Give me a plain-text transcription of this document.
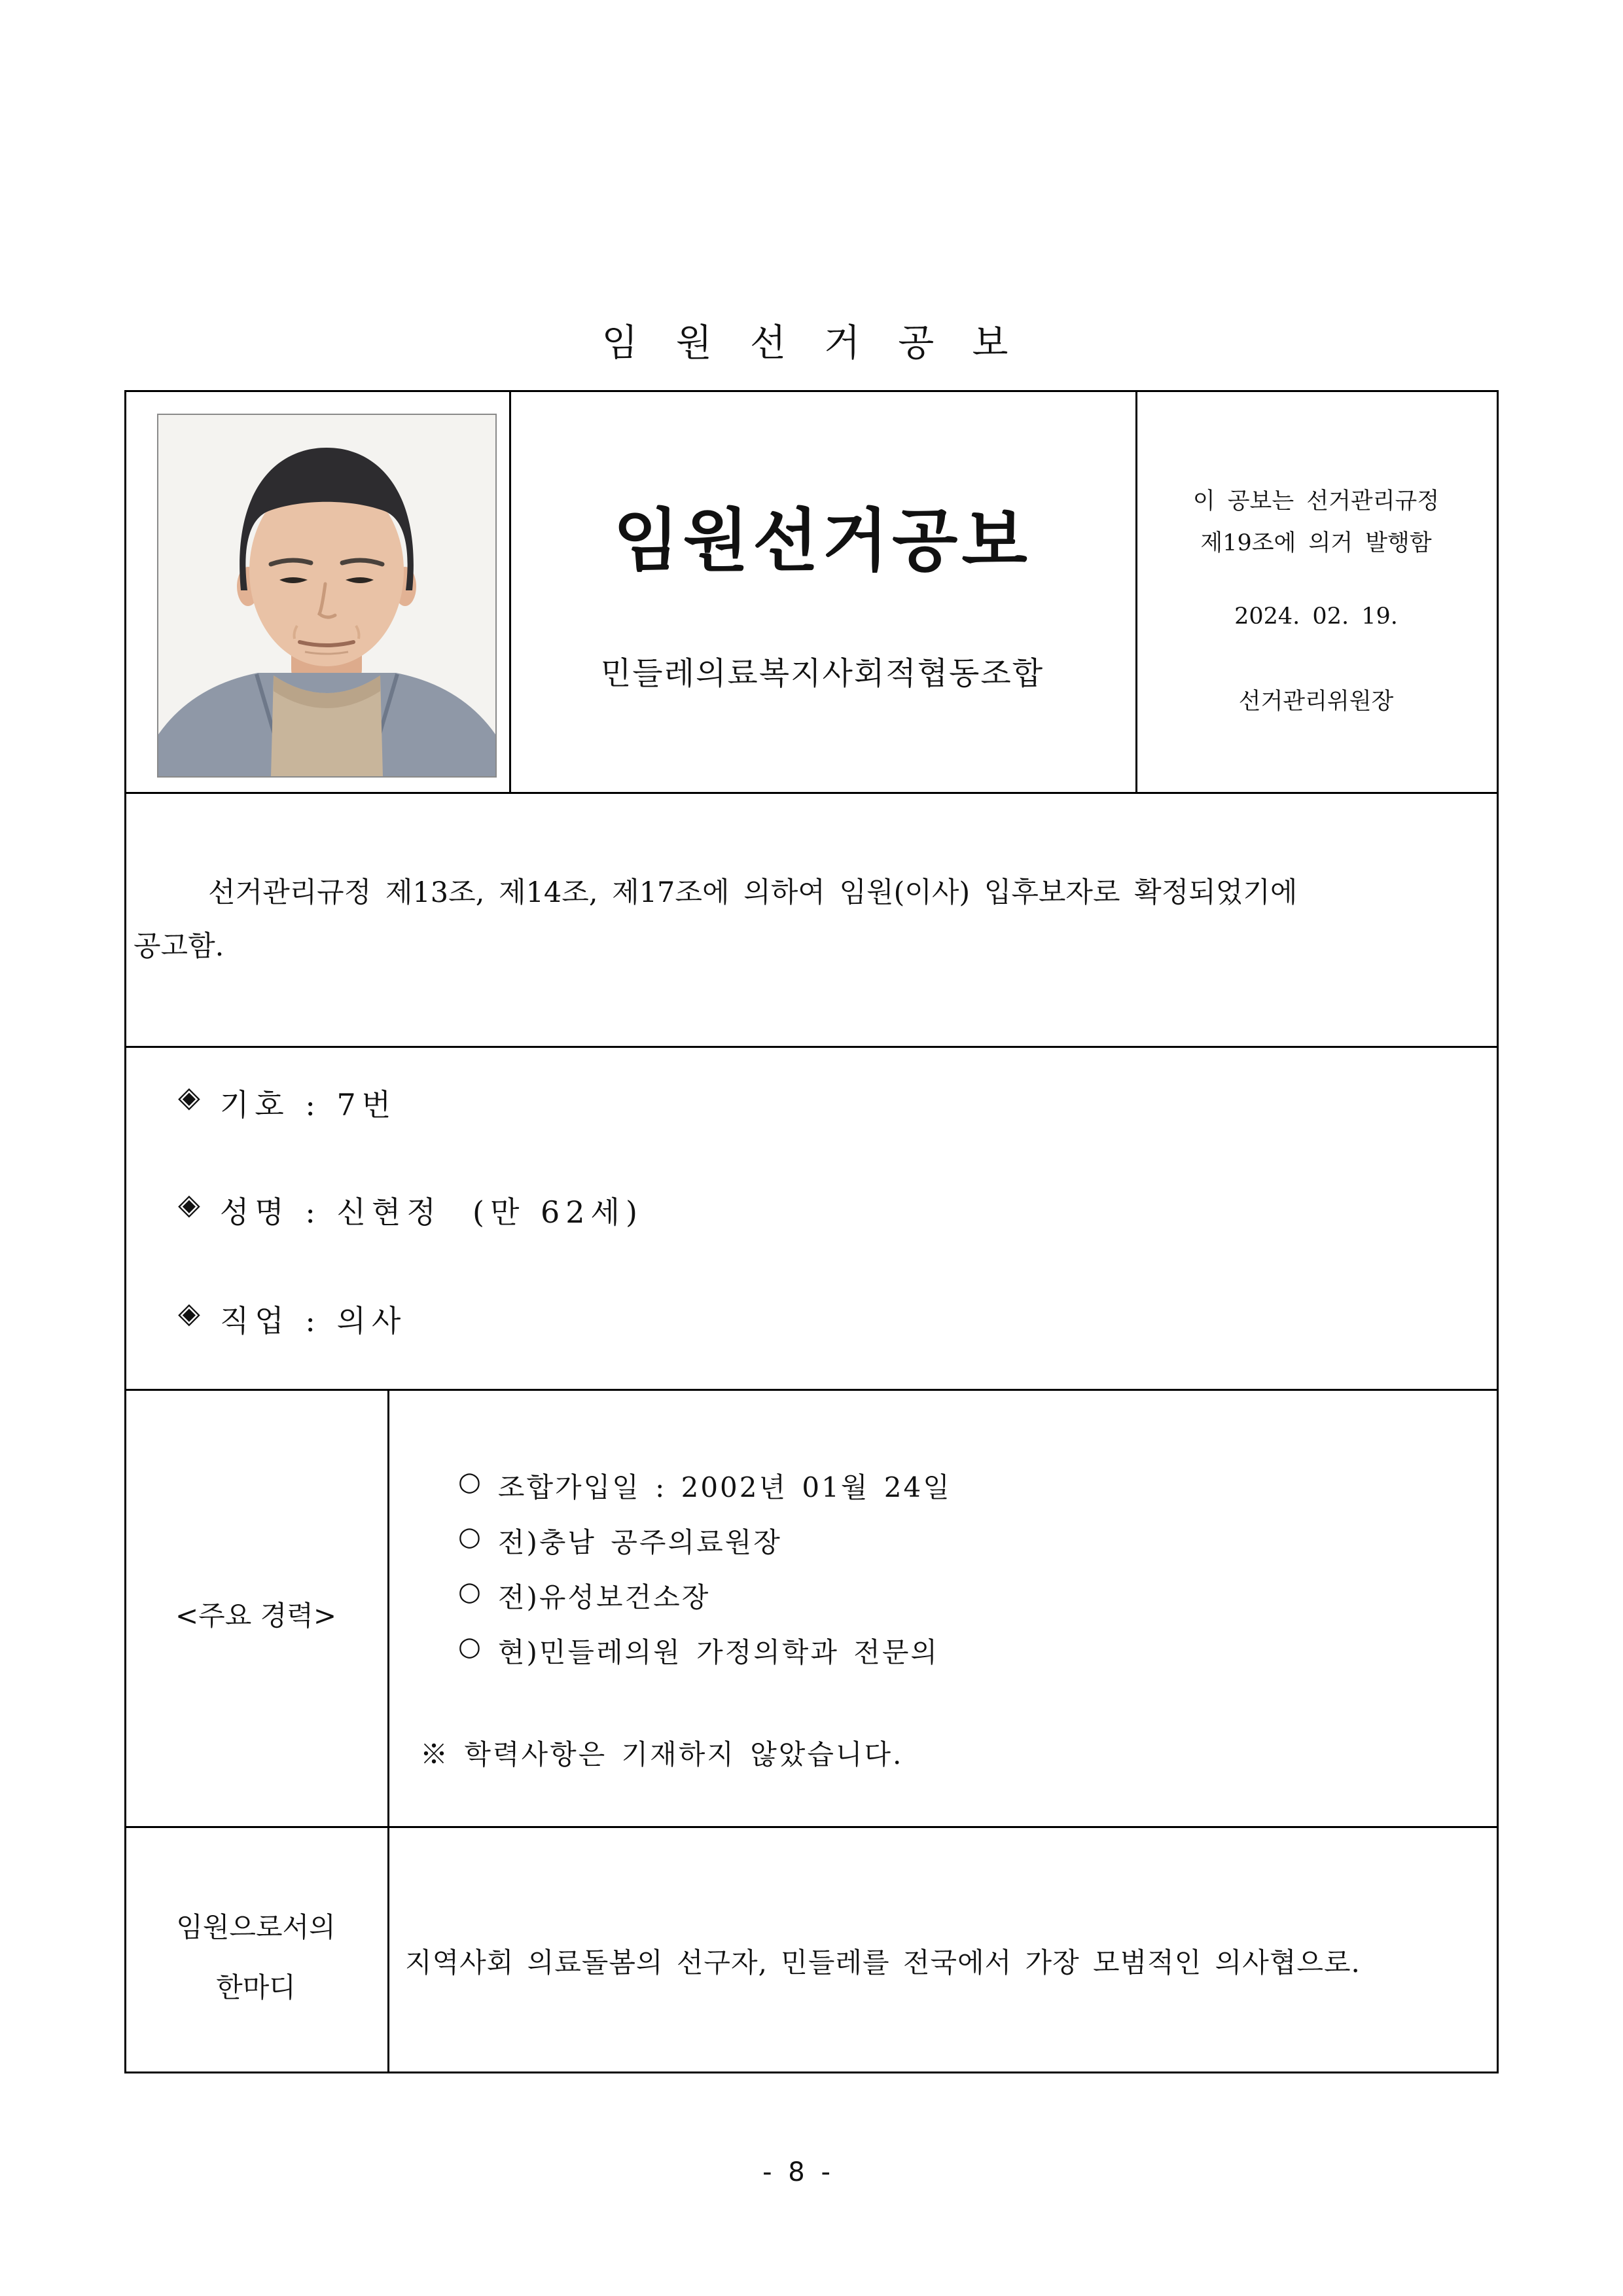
임 원 선 거 공 보
임원선거공보
민들레의료복지사회적협동조합
이 공보는 선거관리규정
제19조에 의거 발행함
2024. 02. 19.
선거관리위원장
선거관리규정 제13조, 제14조, 제17조에 의하여 임원(이사) 입후보자로 확정되었기에
공고함.
◈ 기호 : 7번
◈ 성명 : 신현정  (만 62세)
◈ 직업 : 의사
<주요 경력>
○ 조합가입일 : 2002년 01월 24일
○ 전)충남 공주의료원장
○ 전)유성보건소장
○ 현)민들레의원 가정의학과 전문의
※ 학력사항은 기재하지 않았습니다.
임원으로서의
한마디
지역사회 의료돌봄의 선구자, 민들레를 전국에서 가장 모범적인 의사협으로.
- 8 -
